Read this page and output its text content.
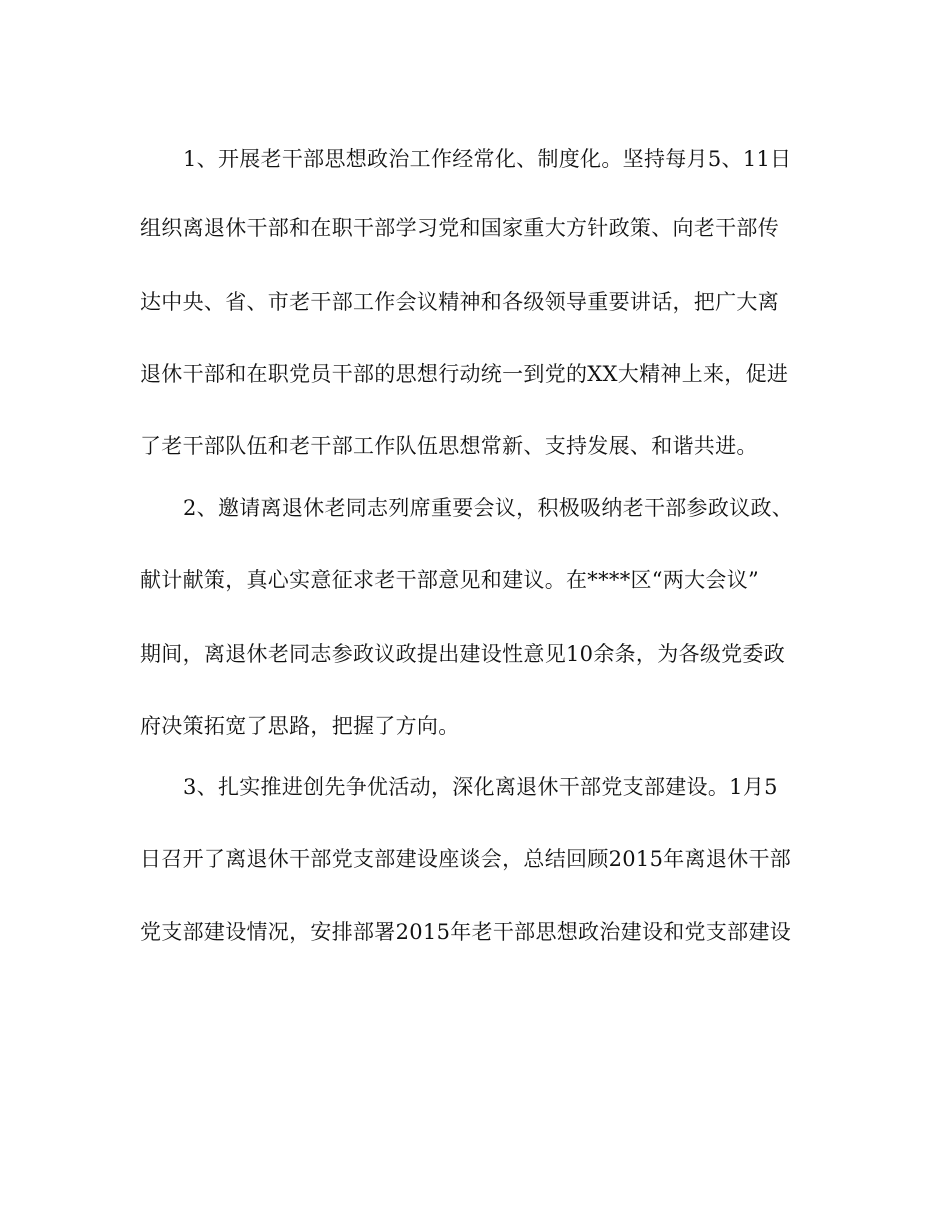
1、开展老干部思想政治工作经常化、制度化。坚持每月5、11日
组织离退休干部和在职干部学习党和国家重大方针政策、向老干部传
达中央、省、市老干部工作会议精神和各级领导重要讲话，把广大离
退休干部和在职党员干部的思想行动统一到党的XX大精神上来，促进
了老干部队伍和老干部工作队伍思想常新、支持发展、和谐共进。
2、邀请离退休老同志列席重要会议，积极吸纳老干部参政议政、
献计献策，真心实意征求老干部意见和建议。在****区“两大会议”
期间，离退休老同志参政议政提出建设性意见10余条，为各级党委政
府决策拓宽了思路，把握了方向。
3、扎实推进创先争优活动，深化离退休干部党支部建设。1月5
日召开了离退休干部党支部建设座谈会，总结回顾2015年离退休干部
党支部建设情况，安排部署2015年老干部思想政治建设和党支部建设
